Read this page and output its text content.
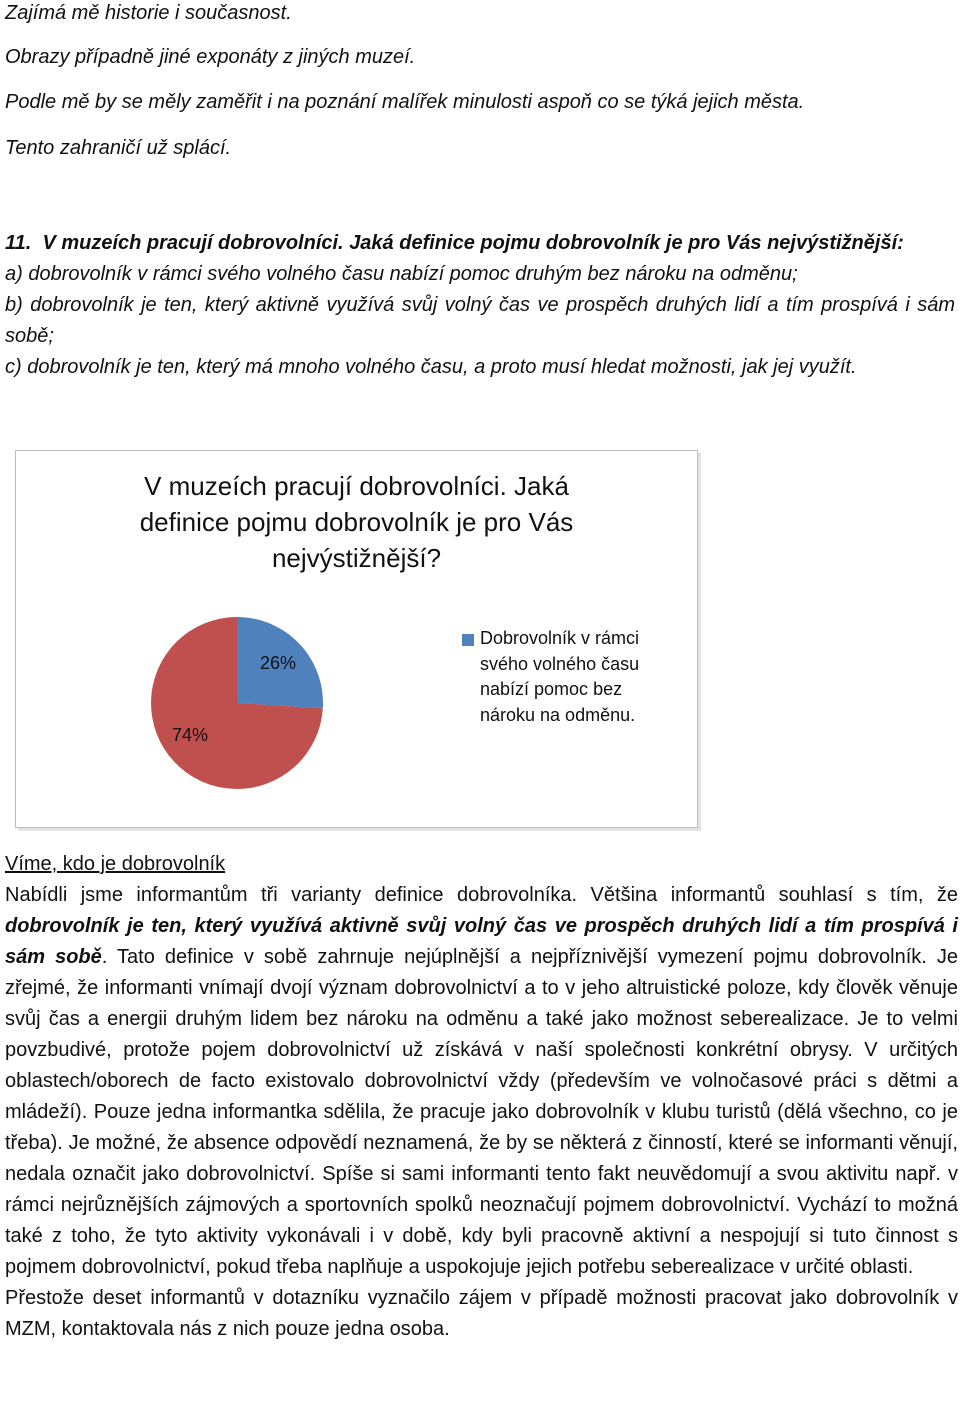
Zajímá mě historie i současnost.

Obrazy případně jiné exponáty z jiných muzeí.

Podle mě by se měly zaměřit i na poznání malířek minulosti aspoň co se týká jejich města.

Tento zahraničí už splácí.

11. V muzeích pracují dobrovolníci. Jaká definice pojmu dobrovolník je pro Vás nejvýstižnější:

a) dobrovolník v rámci svého volného času nabízí pomoc druhým bez nároku na odměnu;

b) dobrovolník je ten, který aktivně využívá svůj volný čas ve prospěch druhých lidí a tím prospívá i sám sobě;

c) dobrovolník je ten, který má mnoho volného času, a proto musí hledat možnosti, jak jej využít.

V muzeích pracují dobrovolníci. Jaká
definice pojmu dobrovolník je pro Vás
nejvýstižnější?
26%
74%
Dobrovolník v rámci
svého volného času
nabízí pomoc bez
nároku na odměnu.
Víme, kdo je dobrovolník

Nabídli jsme informantům tři varianty definice dobrovolníka. Většina informantů souhlasí s tím, že dobrovolník je ten, který využívá aktivně svůj volný čas ve prospěch druhých lidí a tím prospívá i sám sobě. Tato definice v sobě zahrnuje nejúplnější a nejpříznivější vymezení pojmu dobrovolník. Je zřejmé, že informanti vnímají dvojí význam dobrovolnictví a to v jeho altruistické poloze, kdy člověk věnuje svůj čas a energii druhým lidem bez nároku na odměnu a také jako možnost seberealizace. Je to velmi povzbudivé, protože pojem dobrovolnictví už získává v naší společnosti konkrétní obrysy. V určitých oblastech/oborech de facto existovalo dobrovolnictví vždy (především ve volnočasové práci s dětmi a mládeží). Pouze jedna informantka sdělila, že pracuje jako dobrovolník v klubu turistů (dělá všechno, co je třeba). Je možné, že absence odpovědí neznamená, že by se některá z činností, které se informanti věnují, nedala označit jako dobrovolnictví. Spíše si sami informanti tento fakt neuvědomují a svou aktivitu např. v rámci nejrůznějších zájmových a sportovních spolků neoznačují pojmem dobrovolnictví. Vychází to možná také z toho, že tyto aktivity vykonávali i v době, kdy byli pracovně aktivní a nespojují si tuto činnost s pojmem dobrovolnictví, pokud třeba naplňuje a uspokojuje jejich potřebu seberealizace v určité oblasti.

Přestože deset informantů v dotazníku vyznačilo zájem v případě možnosti pracovat jako dobrovolník v MZM, kontaktovala nás z nich pouze jedna osoba.
